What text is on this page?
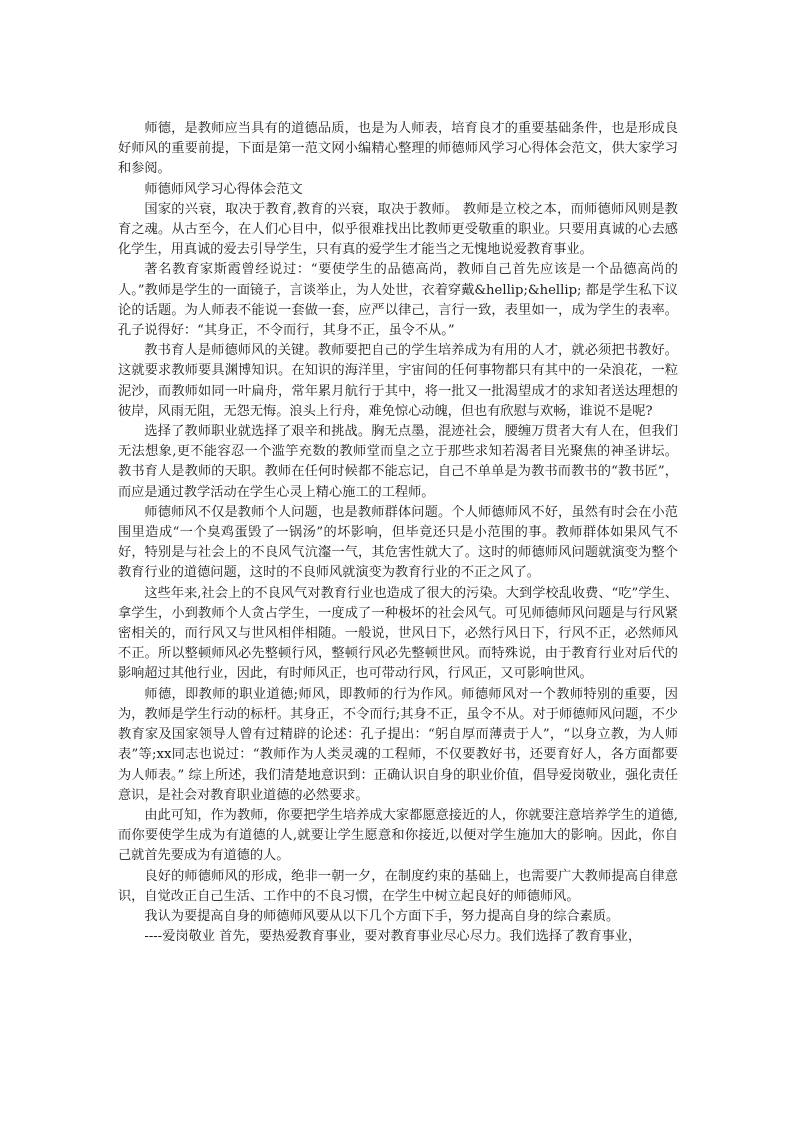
师德，是教师应当具有的道德品质，也是为人师表，培育良才的重要基础条件，也是形成良好师风的重要前提，下面是第一范文网小编精心整理的师德师风学习心得体会范文，供大家学习和参阅。

师德师风学习心得体会范文

国家的兴衰，取决于教育,教育的兴衰，取决于教师。 教师是立校之本，而师德师风则是教育之魂。从古至今，在人们心目中，似乎很难找出比教师更受敬重的职业。只要用真诚的心去感化学生，用真诚的爱去引导学生，只有真的爱学生才能当之无愧地说爱教育事业。

著名教育家斯霞曾经说过：“要使学生的品德高尚，教师自己首先应该是一个品德高尚的人。”教师是学生的一面镜子，言谈举止，为人处世，衣着穿戴&hellip;&hellip; 都是学生私下议论的话题。为人师表不能说一套做一套，应严以律己，言行一致，表里如一，成为学生的表率。孔子说得好：“其身正，不令而行，其身不正，虽令不从。”

教书育人是师德师风的关键。教师要把自己的学生培养成为有用的人才，就必须把书教好。这就要求教师要具渊博知识。在知识的海洋里，宇宙间的任何事物都只有其中的一朵浪花，一粒泥沙，而教师如同一叶扁舟，常年累月航行于其中，将一批又一批渴望成才的求知者送达理想的彼岸，风雨无阻，无怨无悔。浪头上行舟，难免惊心动魄，但也有欣慰与欢畅，谁说不是呢?

选择了教师职业就选择了艰辛和挑战。胸无点墨，混迹社会，腰缠万贯者大有人在，但我们无法想象,更不能容忍一个滥竽充数的教师堂而皇之立于那些求知若渴者目光聚焦的神圣讲坛。 教书育人是教师的天职。教师在任何时候都不能忘记，自己不单单是为教书而教书的“教书匠”，而应是通过教学活动在学生心灵上精心施工的工程师。

师德师风不仅是教师个人问题，也是教师群体问题。个人师德师风不好，虽然有时会在小范围里造成“一个臭鸡蛋毁了一锅汤”的坏影响，但毕竟还只是小范围的事。教师群体如果风气不好，特别是与社会上的不良风气沆瀣一气，其危害性就大了。这时的师德师风问题就演变为整个教育行业的道德问题，这时的不良师风就演变为教育行业的不正之风了。

这些年来,社会上的不良风气对教育行业也造成了很大的污染。大到学校乱收费、“吃”学生、拿学生，小到教师个人贪占学生，一度成了一种极坏的社会风气。可见师德师风问题是与行风紧密相关的，而行风又与世风相伴相随。一般说，世风日下，必然行风日下，行风不正，必然师风不正。所以整顿师风必先整顿行风，整顿行风必先整顿世风。而特殊说，由于教育行业对后代的影响超过其他行业，因此，有时师风正，也可带动行风，行风正，又可影响世风。

师德，即教师的职业道德;师风，即教师的行为作风。师德师风对一个教师特别的重要，因为，教师是学生行动的标杆。其身正，不令而行;其身不正，虽令不从。对于师德师风问题，不少教育家及国家领导人曾有过精辟的论述：孔子提出：“躬自厚而薄责于人”，“以身立教，为人师表”等;xx同志也说过：“教师作为人类灵魂的工程师，不仅要教好书，还要育好人，各方面都要为人师表。” 综上所述，我们清楚地意识到：正确认识自身的职业价值，倡导爱岗敬业，强化责任意识，是社会对教育职业道德的必然要求。

由此可知，作为教师，你要把学生培养成大家都愿意接近的人，你就要注意培养学生的道德,而你要使学生成为有道德的人,就要让学生愿意和你接近,以便对学生施加大的影响。因此，你自己就首先要成为有道德的人。

良好的师德师风的形成，绝非一朝一夕，在制度约束的基础上，也需要广大教师提高自律意识，自觉改正自己生活、工作中的不良习惯，在学生中树立起良好的师德师风。

我认为要提高自身的师德师风要从以下几个方面下手，努力提高自身的综合素质。

----爱岗敬业 首先，要热爱教育事业，要对教育事业尽心尽力。我们选择了教育事业，
